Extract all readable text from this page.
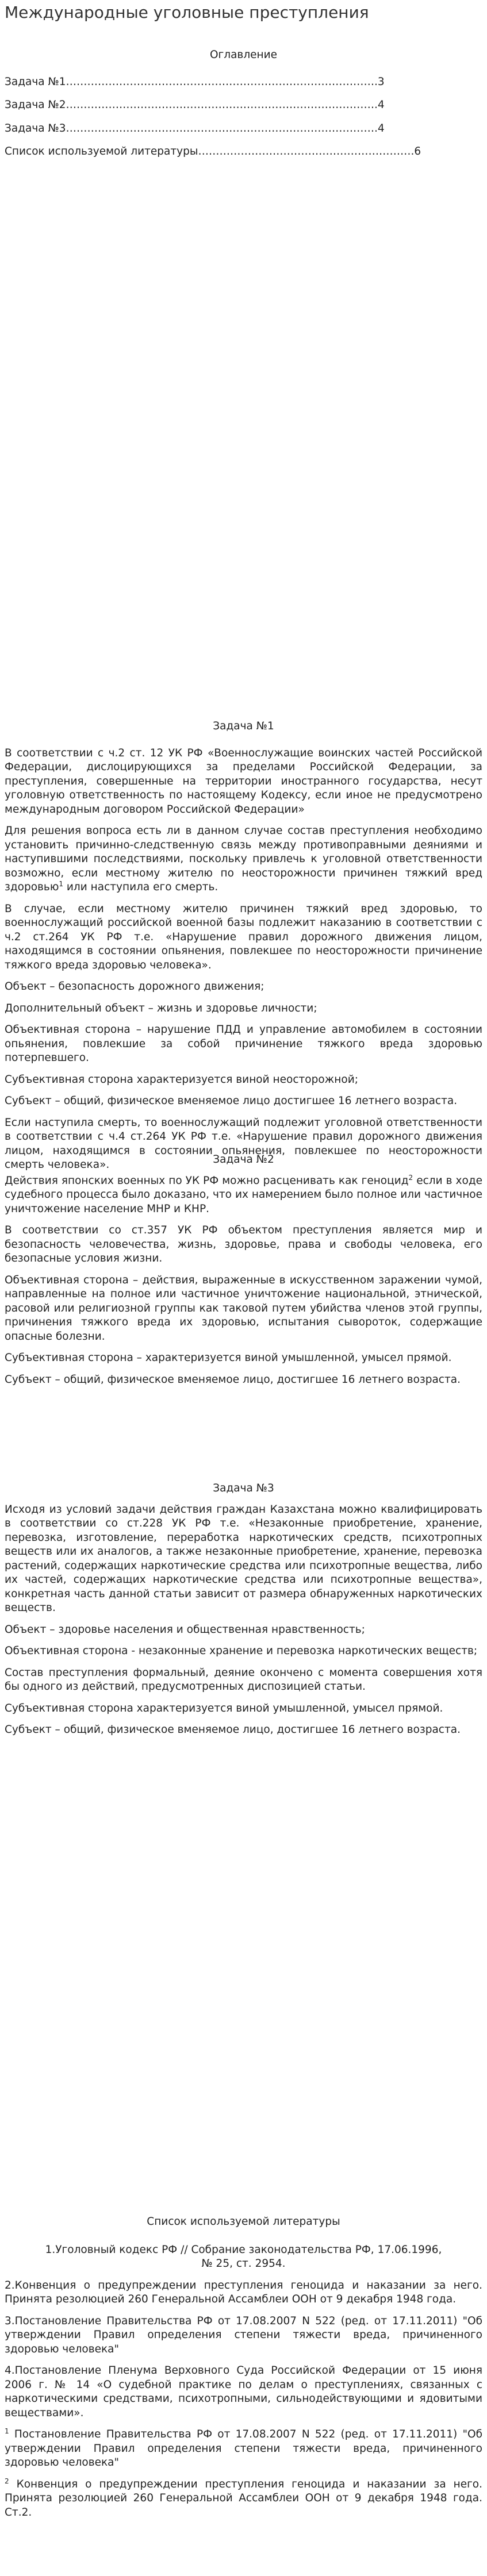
Международные уголовные преступления
Оглавление
Задача №1…………………………………………………………………………….3
Задача №2…………………………………………………………………………….4
Задача №3…………………………………………………………………………….4
Список используемой литературы…………………………………………………….6
Задача №1

В соответствии с ч.2 ст. 12 УК РФ «Военнослужащие воинских частей Российской Федерации, дислоцирующихся за пределами Российской Федерации, за преступления, совершенные на территории иностранного государства, несут уголовную ответственность по настоящему Кодексу, если иное не предусмотрено международным договором Российской Федерации»

Для решения вопроса есть ли в данном случае состав преступления необходимо установить причинно-следственную связь между противоправными деяниями и наступившими последствиями, поскольку привлечь к уголовной ответственности возможно, если местному жителю по неосторожности причинен тяжкий вред здоровью$^1$ или наступила его смерть.

В случае, если местному жителю причинен тяжкий вред здоровью, то военнослужащий российской военной базы подлежит наказанию в соответствии с ч.2 ст.264 УК РФ т.е. «Нарушение правил дорожного движения лицом, находящимся в состоянии опьянения, повлекшее по неосторожности причинение тяжкого вреда здоровью человека».

Объект – безопасность дорожного движения;

Дополнительный объект – жизнь и здоровье личности;

Объективная сторона – нарушение ПДД и управление автомобилем в состоянии опьянения, повлекшие за собой причинение тяжкого вреда здоровью потерпевшего.

Субъективная сторона характеризуется виной неосторожной;

Субъект – общий, физическое вменяемое лицо достигшее 16 летнего возраста.

Если наступила смерть, то военнослужащий подлежит уголовной ответственности в соответствии с ч.4 ст.264 УК РФ т.е. «Нарушение правил дорожного движения лицом, находящимся в состоянии опьянения, повлекшее по неосторожности смерть человека».	Задача №2

Действия японских военных по УК РФ можно расценивать как геноцид$^2$ если в ходе судебного процесса было доказано, что их намерением было полное или частичное уничтожение население МНР и КНР.

В соответствии со ст.357 УК РФ объектом преступления является мир и безопасность человечества, жизнь, здоровье, права и свободы человека, его безопасные условия жизни.

Объективная сторона – действия, выраженные в искусственном заражении чумой, направленные на полное или частичное уничтожение национальной, этнической, расовой или религиозной группы как таковой путем убийства членов этой группы, причинения тяжкого вреда их здоровью, испытания сывороток, содержащие опасные болезни.

Субъективная сторона – характеризуется виной умышленной, умысел прямой.

Субъект – общий, физическое вменяемое лицо, достигшее 16 летнего возраста.

Задача №3

Исходя из условий задачи действия граждан Казахстана можно квалифицировать в соответствии со ст.228 УК РФ т.е. «Незаконные приобретение, хранение, перевозка, изготовление, переработка наркотических средств, психотропных веществ или их аналогов, а также незаконные приобретение, хранение, перевозка растений, содержащих наркотические средства или психотропные вещества, либо их частей, содержащих наркотические средства или психотропные вещества», конкретная часть данной статьи зависит от размера обнаруженных наркотических веществ.

Объект – здоровье населения и общественная нравственность;

Объективная сторона - незаконные хранение и перевозка наркотических веществ;

Состав преступления формальный, деяние окончено с момента совершения хотя бы одного из действий, предусмотренных диспозицией статьи.

Субъективная сторона характеризуется виной умышленной, умысел прямой.

Субъект – общий, физическое вменяемое лицо, достигшее 16 летнего возраста.

Список используемой литературы
1.Уголовный кодекс РФ // Собрание законодательства РФ, 17.06.1996,
№ 25, ст. 2954.

2.Конвенция о предупреждении преступления геноцида и наказании за него. Принята резолюцией 260 Генеральной Ассамблеи ООН от 9 декабря 1948 года.

3.Постановление Правительства РФ от 17.08.2007 N 522 (ред. от 17.11.2011) "Об утверждении Правил определения степени тяжести вреда, причиненного здоровью человека"

4.Постановление Пленума Верховного Суда Российской Федерации от 15 июня 2006 г. № 14 «О судебной практике по делам о преступлениях, связанных с наркотическими средствами, психотропными, сильнодействующими и ядовитыми веществами».

$^1$ Постановление Правительства РФ от 17.08.2007 N 522 (ред. от 17.11.2011) "Об утверждении Правил определения степени тяжести вреда, причиненного здоровью человека"

$^2$ Конвенция о предупреждении преступления геноцида и наказании за него. Принята резолюцией 260 Генеральной Ассамблеи ООН от 9 декабря 1948 года. Ст.2.
